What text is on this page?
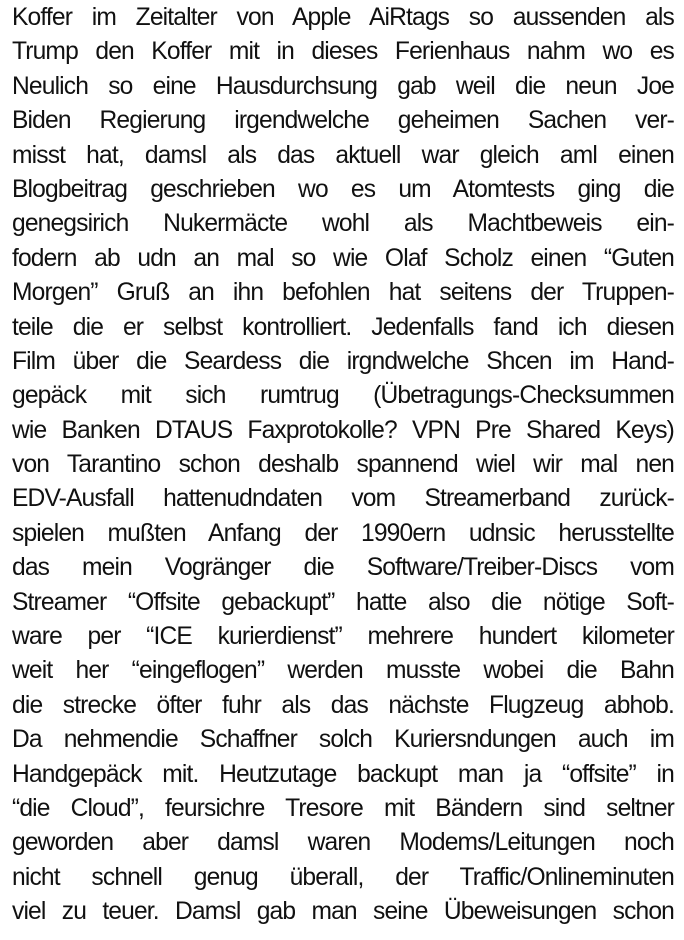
Koffer im Zeitalter von Apple AiRtags so aussenden als
Trump den Koffer mit in dieses Ferienhaus nahm wo es
Neulich so eine Hausdurchsung gab weil die neun Joe
Biden Regierung irgendwelche geheimen Sachen ver-
misst hat, damsl als das aktuell war gleich aml einen
Blogbeitrag geschrieben wo es um Atomtests ging die
genegsirich Nukermäcte wohl als Machtbeweis ein-
fodern ab udn an mal so wie Olaf Scholz einen “Guten
Morgen” Gruß an ihn befohlen hat seitens der Truppen-
teile die er selbst kontrolliert. Jedenfalls fand ich diesen
Film über die Seardess die irgndwelche Shcen im Hand-
gepäck mit sich rumtrug (Übetragungs-Checksummen
wie Banken DTAUS Faxprotokolle? VPN Pre Shared Keys)
von Tarantino schon deshalb spannend wiel wir mal nen
EDV-Ausfall hattenudndaten vom Streamerband zurück-
spielen mußten Anfang der 1990ern udnsic herusstellte
das mein Vogränger die Software/Treiber-Discs vom
Streamer “Offsite gebackupt” hatte also die nötige Soft-
ware per “ICE kurierdienst” mehrere hundert kilometer
weit her “eingeflogen” werden musste wobei die Bahn
die strecke öfter fuhr als das nächste Flugzeug abhob.
Da nehmendie Schaffner solch Kuriersndungen auch im
Handgepäck mit. Heutzutage backupt man ja “offsite” in
“die Cloud”, feursichre Tresore mit Bändern sind seltner
geworden aber damsl waren Modems/Leitungen noch
nicht schnell genug überall, der Traffic/Onlineminuten
viel zu teuer. Damsl gab man seine Übeweisungen schon
